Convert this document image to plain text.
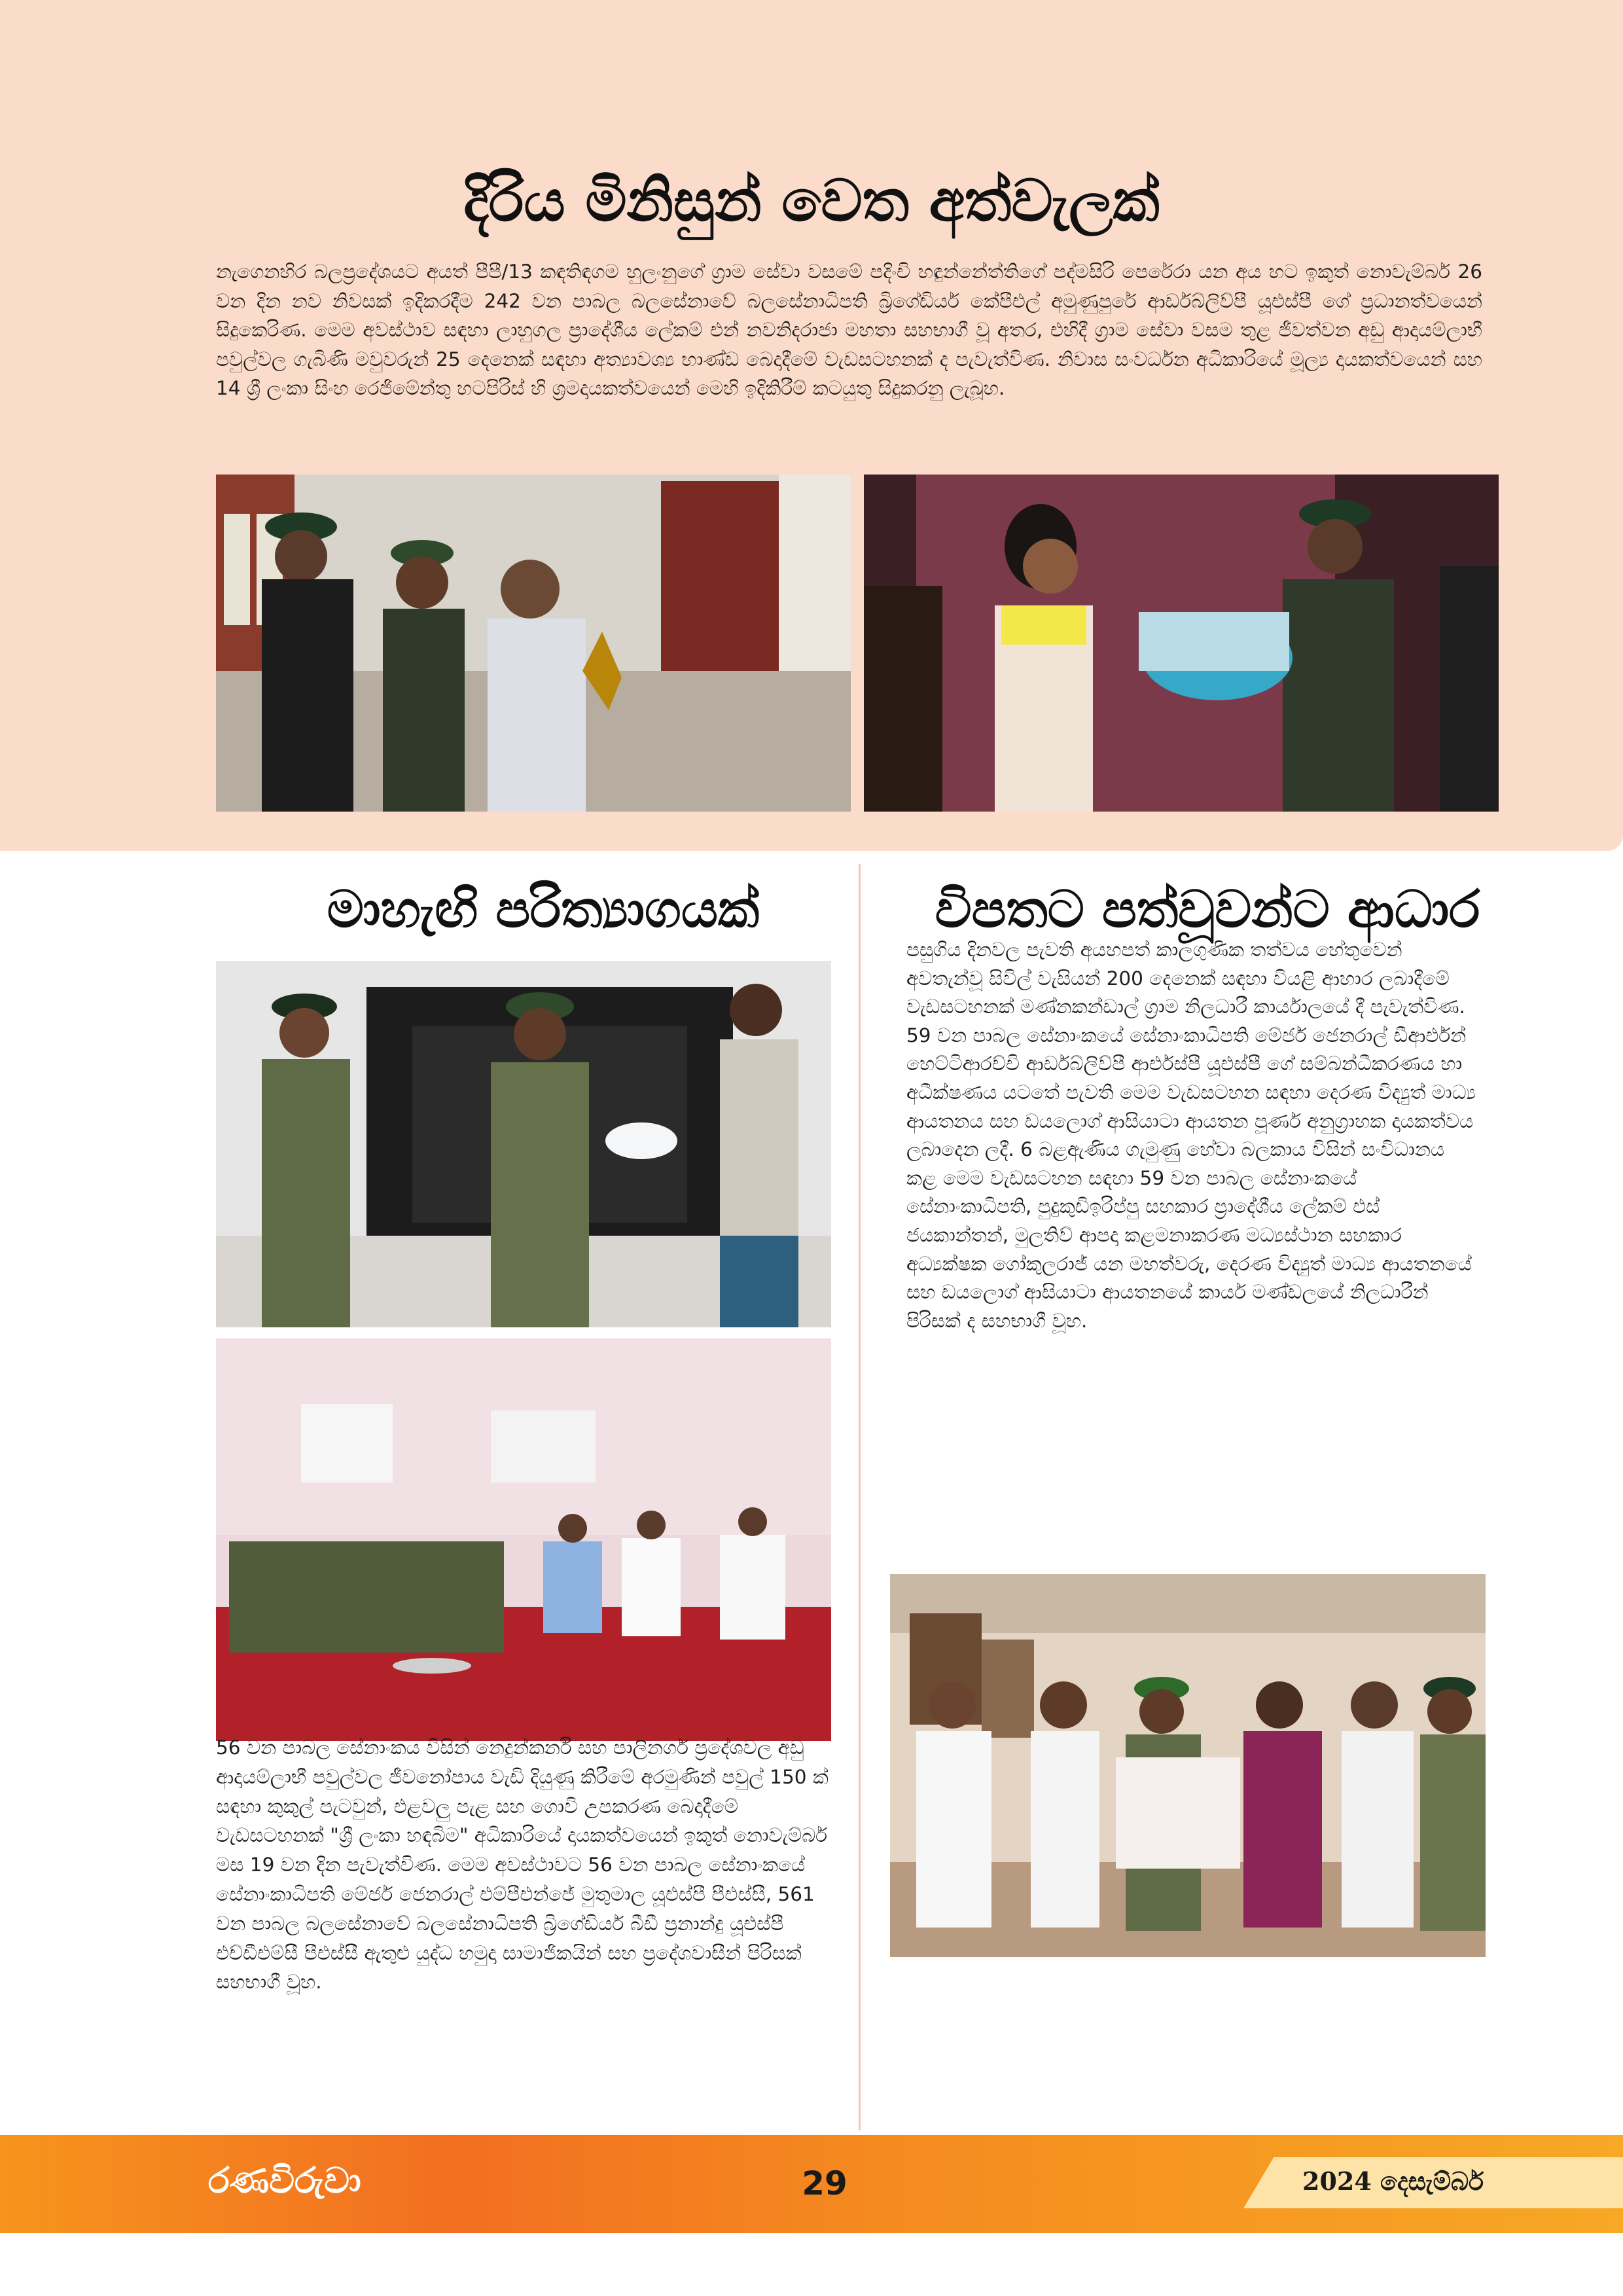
දිරිය මිනිසුන් වෙත අත්වැලක්

නැගෙනහිර බලප්‍රදේශයට අයත් පීපී/13 කඳතිඳගම හුලංනුගේ ග්‍රාම සේවා වසමේ පදිංචි හඳුන්නේත්තිගේ පද්මසිරි පෙරේරා යන අය හට ඉකුත් නොවැම්බර් 26 වන දින නව නිවසක් ඉදිකරදීම 242 වන පාබල බලසේනාවේ බලසේනාධිපති බ්‍රිගේඩියර් කේපීඑල් අමුණුපුරේ ආර්ඩබ්ලිව්පී යූඑස්පී ගේ ප්‍රධානත්වයෙන් සිදුකෙරිණ. මෙම අවස්ථාව සඳහා ලාහුගල ප්‍රාදේශීය ලේකම් එන් නවනිදරාජා මහතා සහභාගී වූ අතර, එහිදී ග්‍රාම සේවා වසම තුළ ජීවත්වන අඩු ආදායම්ලාභී පවුල්වල ගැබිණි මවුවරුන් 25 දෙනෙක් සඳහා අත්‍යාවශ්‍ය භාණ්ඩ බෙදාදීමේ වැඩසටහනක් ද පැවැත්විණ. නිවාස සංවර්ධන අධිකාරියේ මූල්‍ය දායකත්වයෙන් සහ 14 ශ්‍රී ලංකා සිංහ රෙජිමේන්තු හටපිරිස් හි ශ්‍රමදායකත්වයෙන් මෙහි ඉදිකිරීම් කටයුතු සිදුකරනු ලැබූහ.

මාහැඟි පරිත්‍යාගයක්	විපතට පත්වූවන්ට ආධාර

56 වන පාබල සේනාංකය විසින් නෙදුන්කර්නි සහ පාලිනගර් ප්‍රදේශවල අඩු ආදායම්ලාභී පවුල්වල ජීවනෝපාය වැඩි දියුණු කිරීමේ අරමුණින් පවුල් 150 ක් සඳහා කුකුල් පැටවුන්, එළවලු පැළ සහ ගොවි උපකරණ බෙදාදීමේ වැඩසටහනක් "ශ්‍රී ලංකා හඳබිම" අධිකාරියේ දායකත්වයෙන් ඉකුත් නොවැම්බර් මස 19 වන දින පැවැත්විණ. මෙම අවස්ථාවට 56 වන පාබල සේනාංකයේ සේනාංකාධිපති මේජර් ජෙනරාල් එම්පීඑන්ජේ මුතුමාල යූඑස්පී පීඑස්සී, 561 වන පාබල බලසේනාවේ බලසේනාධිපති බ්‍රිගේඩියර් බීඩී ප්‍රනාන්දු යූඑස්පී එච්ඩීඑම්සී පීඑස්සී ඇතුළු යුද්ධ හමුදා සාමාජිකයින් සහ ප්‍රදේශවාසීන් පිරිසක් සහභාගී වූහ.

පසුගිය දිනවල පැවති අයහපත් කාලගුණික තත්වය හේතුවෙන් අවතැන්වූ සිවිල් වැසියන් 200 දෙනෙක් සඳහා වියළි ආහාර ලබාදීමේ වැඩසටහනක් මණ්නකන්ඩාල් ග්‍රාම නිලධාරී කාර්යාලයේ දී පැවැත්විණ. 59 වන පාබල සේනාංකයේ සේනාංකාධිපති මේජර් ජෙනරාල් ඩීආර්එන් හෙට්ටිආරච්චි ආර්ඩබ්ලිව්පී ආර්එස්පී යූඑස්පී ගේ සම්බන්ධීකරණය හා අධීක්ෂණය යටතේ පැවති මෙම වැඩසටහන සඳහා දෙරණ විද්‍යුත් මාධ්‍ය ආයතනය සහ ඩයලොග් ආසියාටා ආයතන පූර්ණ අනුග්‍රාහක දායකත්වය ලබාදෙන ලදී. 6 බළඇණිය ගැමුණු හේවා බලකාය විසින් සංවිධානය කළ මෙම වැඩසටහන සඳහා 59 වන පාබල සේනාංකයේ සේනාංකාධිපති, පුදුකුඩිඉරිප්පු සහකාර ප්‍රාදේශීය ලේකම් එස් ජයකාන්තන්, මුලතිව් ආපදා කළමනාකරණ මධ්‍යස්ථාන සහකාර අධ්‍යක්ෂක ගෝකුලරාජ් යන මහත්වරු, දෙරණ විද්‍යුත් මාධ්‍ය ආයතනයේ සහ ඩයලොග් ආසියාටා ආයතනයේ කාර්ය මණ්ඩලයේ නිලධාරීන් පිරිසක් ද සහභාගී වූහ.

රණවිරුවා	29	2024 දෙසැම්බර්
